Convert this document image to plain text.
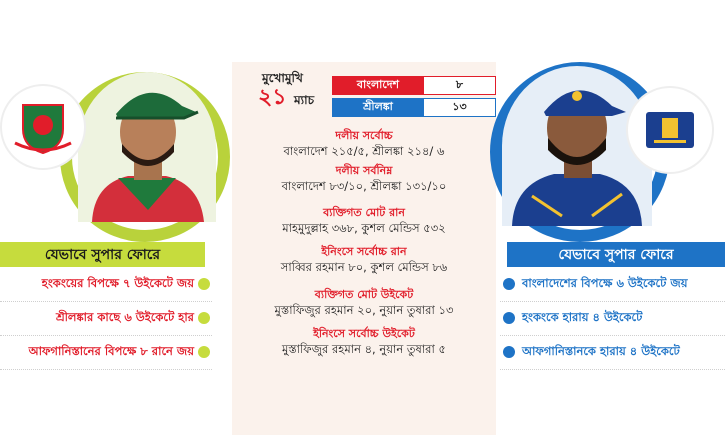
মুখোমুখি
২১ ম্যাচ
বাংলাদেশ	৮
শ্রীলঙ্কা	১৩
দলীয় সর্বোচ্চ
বাংলাদেশ ২১৫/৫, শ্রীলঙ্কা ২১৪/ ৬
দলীয় সর্বনিম্ন
বাংলাদেশ ৮৩/১০, শ্রীলঙ্কা ১৩১/১০
ব্যক্তিগত মোট রান
মাহমুদুল্লাহ ৩৬৮, কুশল মেন্ডিস ৫৩২
ইনিংসে সর্বোচ্চ রান
সাব্বির রহমান ৮০, কুশল মেন্ডিস ৮৬
ব্যক্তিগত মোট উইকেট
মুস্তাফিজুর রহমান ২০, নুয়ান তুষারা ১৩
ইনিংসে সর্বোচ্চ উইকেট
মুস্তাফিজুর রহমান ৪, নুয়ান তুষারা ৫
যেভাবে সুপার ফোরে
হংকংয়ের বিপক্ষে ৭ উইকেটে জয়
শ্রীলঙ্কার কাছে ৬ উইকেটে হার
আফগানিস্তানের বিপক্ষে ৮ রানে জয়
যেভাবে সুপার ফোরে
বাংলাদেশের বিপক্ষে ৬ উইকেটে জয়
হংকংকে হারায় ৪ উইকেটে
আফগানিস্তানকে হারায় ৪ উইকেটে
